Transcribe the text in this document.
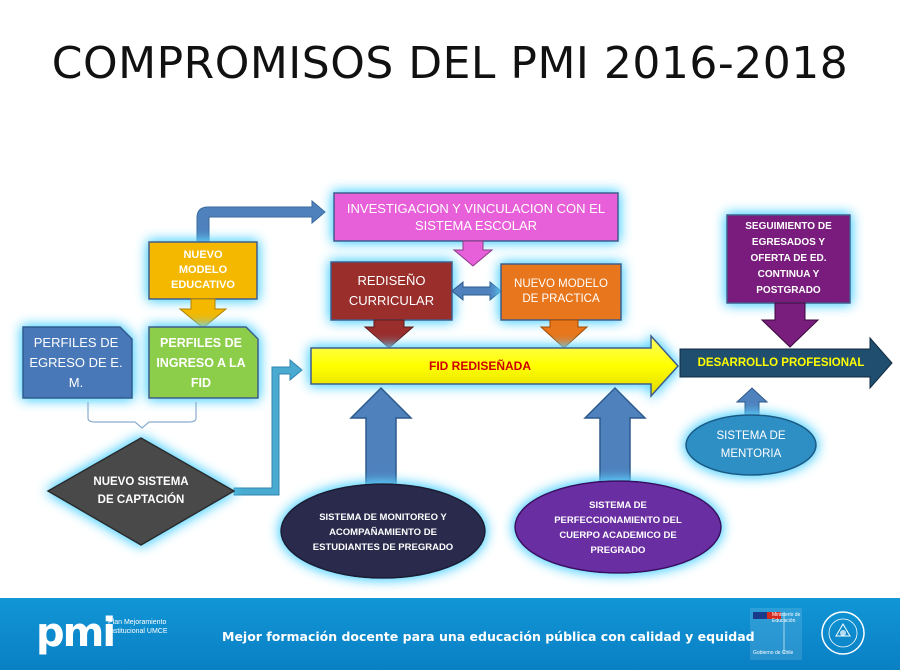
COMPROMISOS DEL PMI 2016-2018
INVESTIGACION Y VINCULACION CON EL SISTEMA ESCOLAR
NUEVO MODELO EDUCATIVO	REDISEÑO CURRICULAR
NUEVO MODELO DE PRACTICA
SEGUIMIENTO DE EGRESADOS Y OFERTA DE ED. CONTINUA Y POSTGRADO
PERFILES DE EGRESO DE E. M.
PERFILES DE INGRESO A LA FID
FID REDISEÑADA	DESARROLLO PROFESIONAL
NUEVO SISTEMA DE CAPTACIÓN
SISTEMA DE MENTORIA
SISTEMA DE MONITOREO Y ACOMPAÑAMIENTO DE ESTUDIANTES DE PREGRADO
SISTEMA DE PERFECCIONAMIENTO DEL CUERPO ACADEMICO DE PREGRADO
pmi
Plan Mejoramiento Institucional UMCE	Mejor formación docente para una educación pública con calidad y equidad
Ministerio de Educación
Gobierno de Chile
